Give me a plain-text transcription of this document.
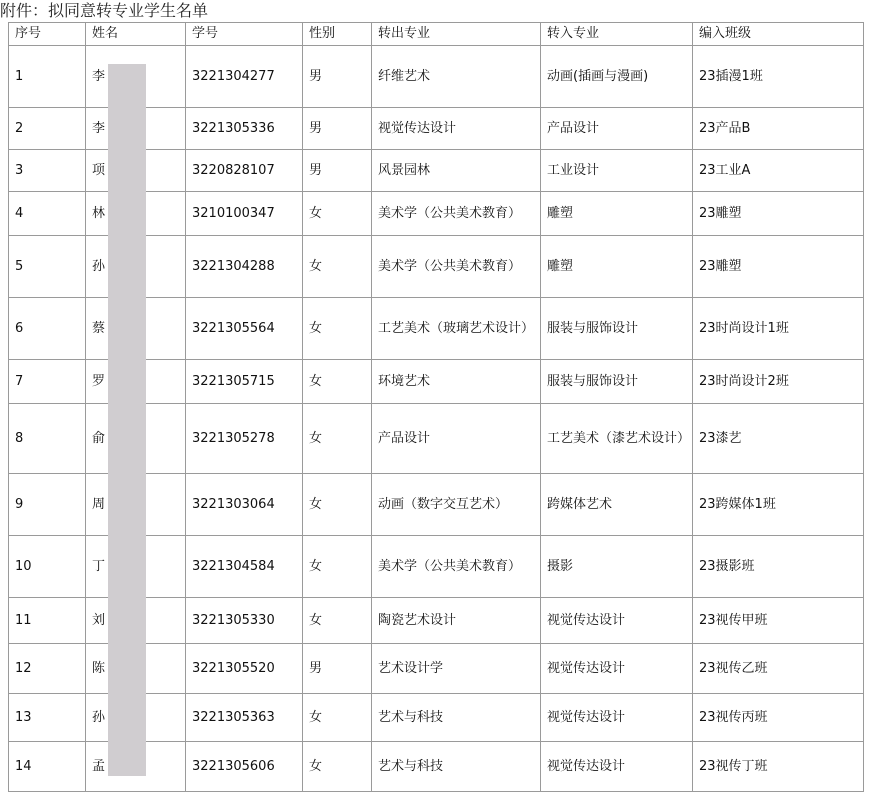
附件：拟同意转专业学生名单
序号	姓名	学号	性别	转出专业	转入专业	编入班级
1	李	3221304277	男	纤维艺术	动画(插画与漫画)	23插漫1班
2	李	3221305336	男	视觉传达设计	产品设计	23产品B
3	项	3220828107	男	风景园林	工业设计	23工业A
4	林	3210100347	女	美术学（公共美术教育）	雕塑	23雕塑
5	孙	3221304288	女	美术学（公共美术教育）	雕塑	23雕塑
6	蔡	3221305564	女	工艺美术（玻璃艺术设计）	服装与服饰设计	23时尚设计1班
7	罗	3221305715	女	环境艺术	服装与服饰设计	23时尚设计2班
8	俞	3221305278	女	产品设计	工艺美术（漆艺术设计）	23漆艺
9	周	3221303064	女	动画（数字交互艺术）	跨媒体艺术	23跨媒体1班
10	丁	3221304584	女	美术学（公共美术教育）	摄影	23摄影班
11	刘	3221305330	女	陶瓷艺术设计	视觉传达设计	23视传甲班
12	陈	3221305520	男	艺术设计学	视觉传达设计	23视传乙班
13	孙	3221305363	女	艺术与科技	视觉传达设计	23视传丙班
14	孟	3221305606	女	艺术与科技	视觉传达设计	23视传丁班
